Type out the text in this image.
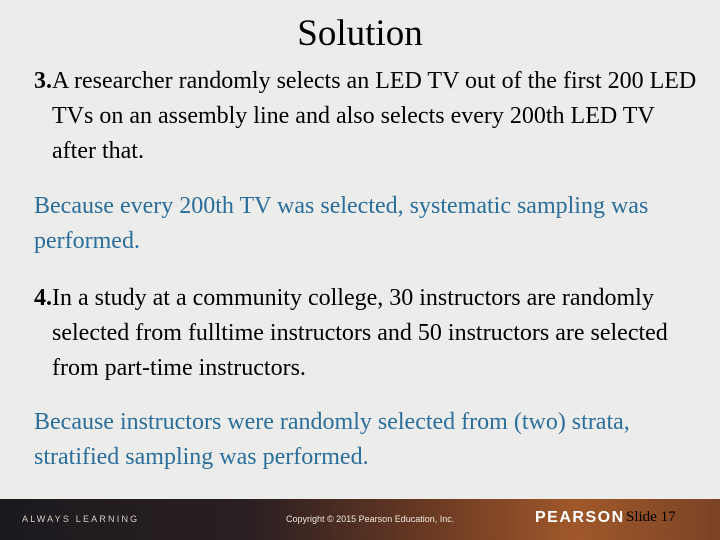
Solution
3. A researcher randomly selects an LED TV out of the first 200 LED TVs on an assembly line and also selects every 200th LED TV after that.
Because every 200th TV was selected, systematic sampling was performed.
4. In a study at a community college, 30 instructors are randomly selected from fulltime instructors and 50 instructors are selected from part-time instructors.
Because instructors were randomly selected from (two) strata, stratified sampling was performed.
ALWAYS LEARNING	Copyright © 2015 Pearson Education, Inc.	PEARSON Slide 17
